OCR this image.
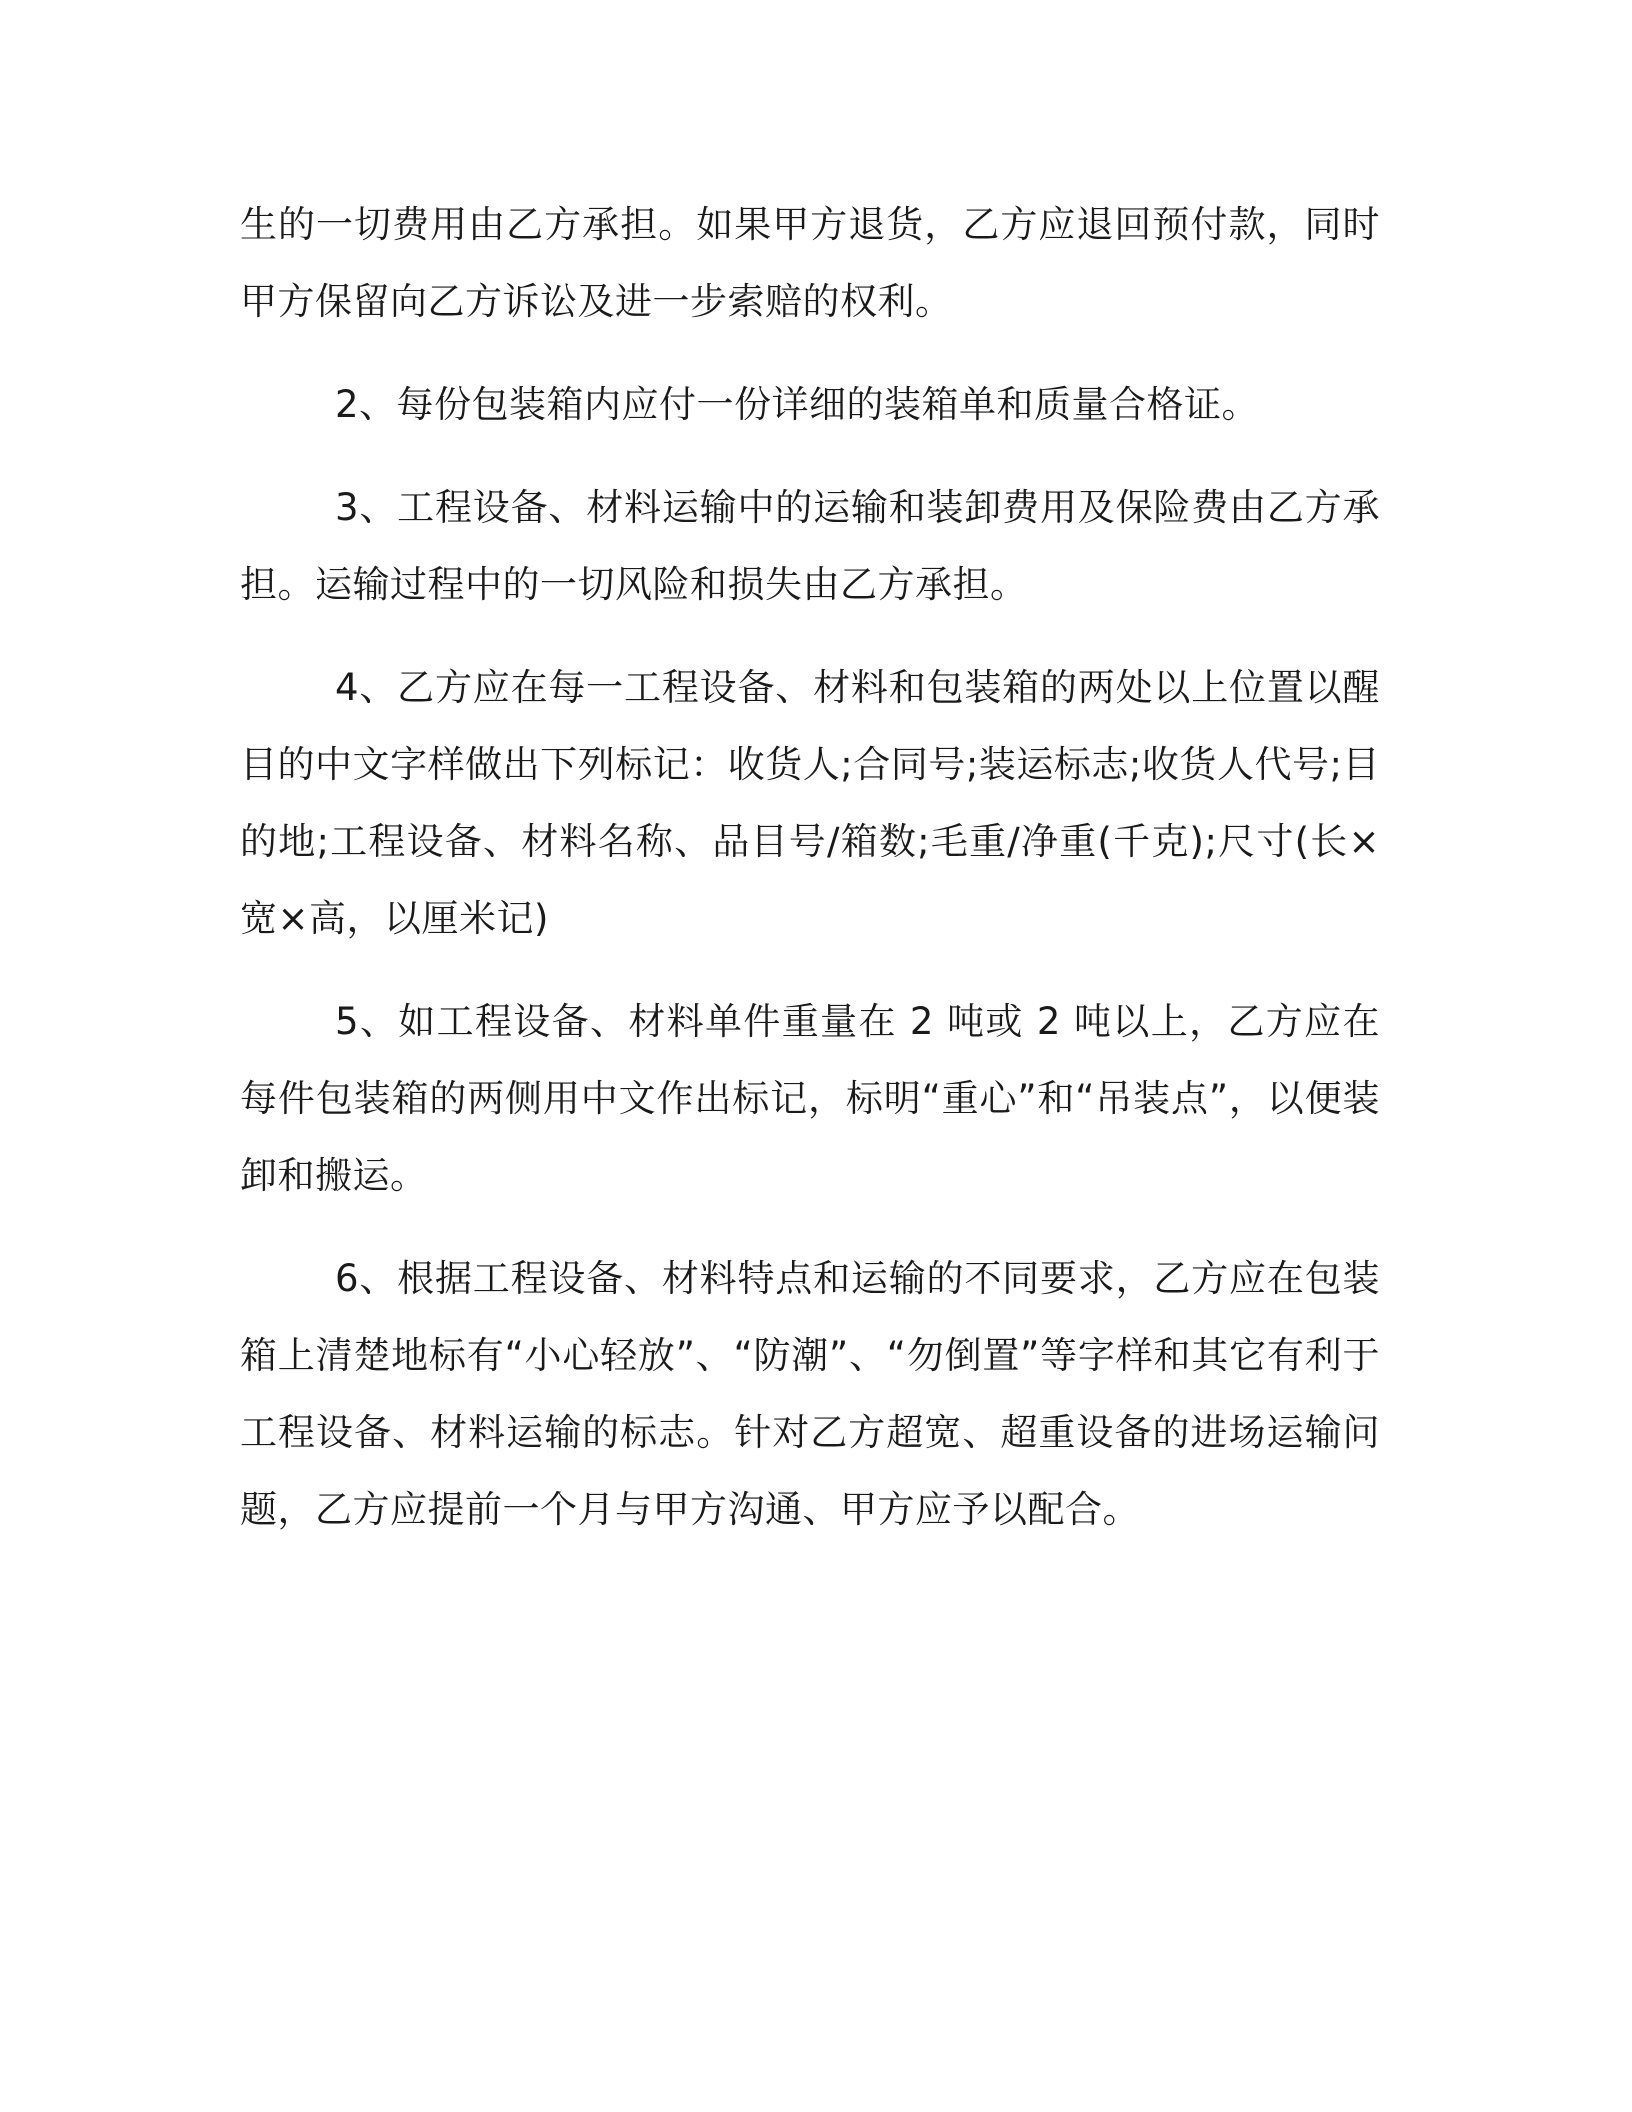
生的一切费用由乙方承担。如果甲方退货，乙方应退回预付款，同时甲方保留向乙方诉讼及进一步索赔的权利。

2、每份包装箱内应付一份详细的装箱单和质量合格证。

3、工程设备、材料运输中的运输和装卸费用及保险费由乙方承担。运输过程中的一切风险和损失由乙方承担。

4、乙方应在每一工程设备、材料和包装箱的两处以上位置以醒目的中文字样做出下列标记：收货人;合同号;装运标志;收货人代号;目的地;工程设备、材料名称、品目号/箱数;毛重/净重(千克);尺寸(长×宽×高，以厘米记)

5、如工程设备、材料单件重量在 2 吨或 2 吨以上，乙方应在每件包装箱的两侧用中文作出标记，标明“重心”和“吊装点”，以便装卸和搬运。

6、根据工程设备、材料特点和运输的不同要求，乙方应在包装箱上清楚地标有“小心轻放”、“防潮”、“勿倒置”等字样和其它有利于工程设备、材料运输的标志。针对乙方超宽、超重设备的进场运输问题，乙方应提前一个月与甲方沟通、甲方应予以配合。
